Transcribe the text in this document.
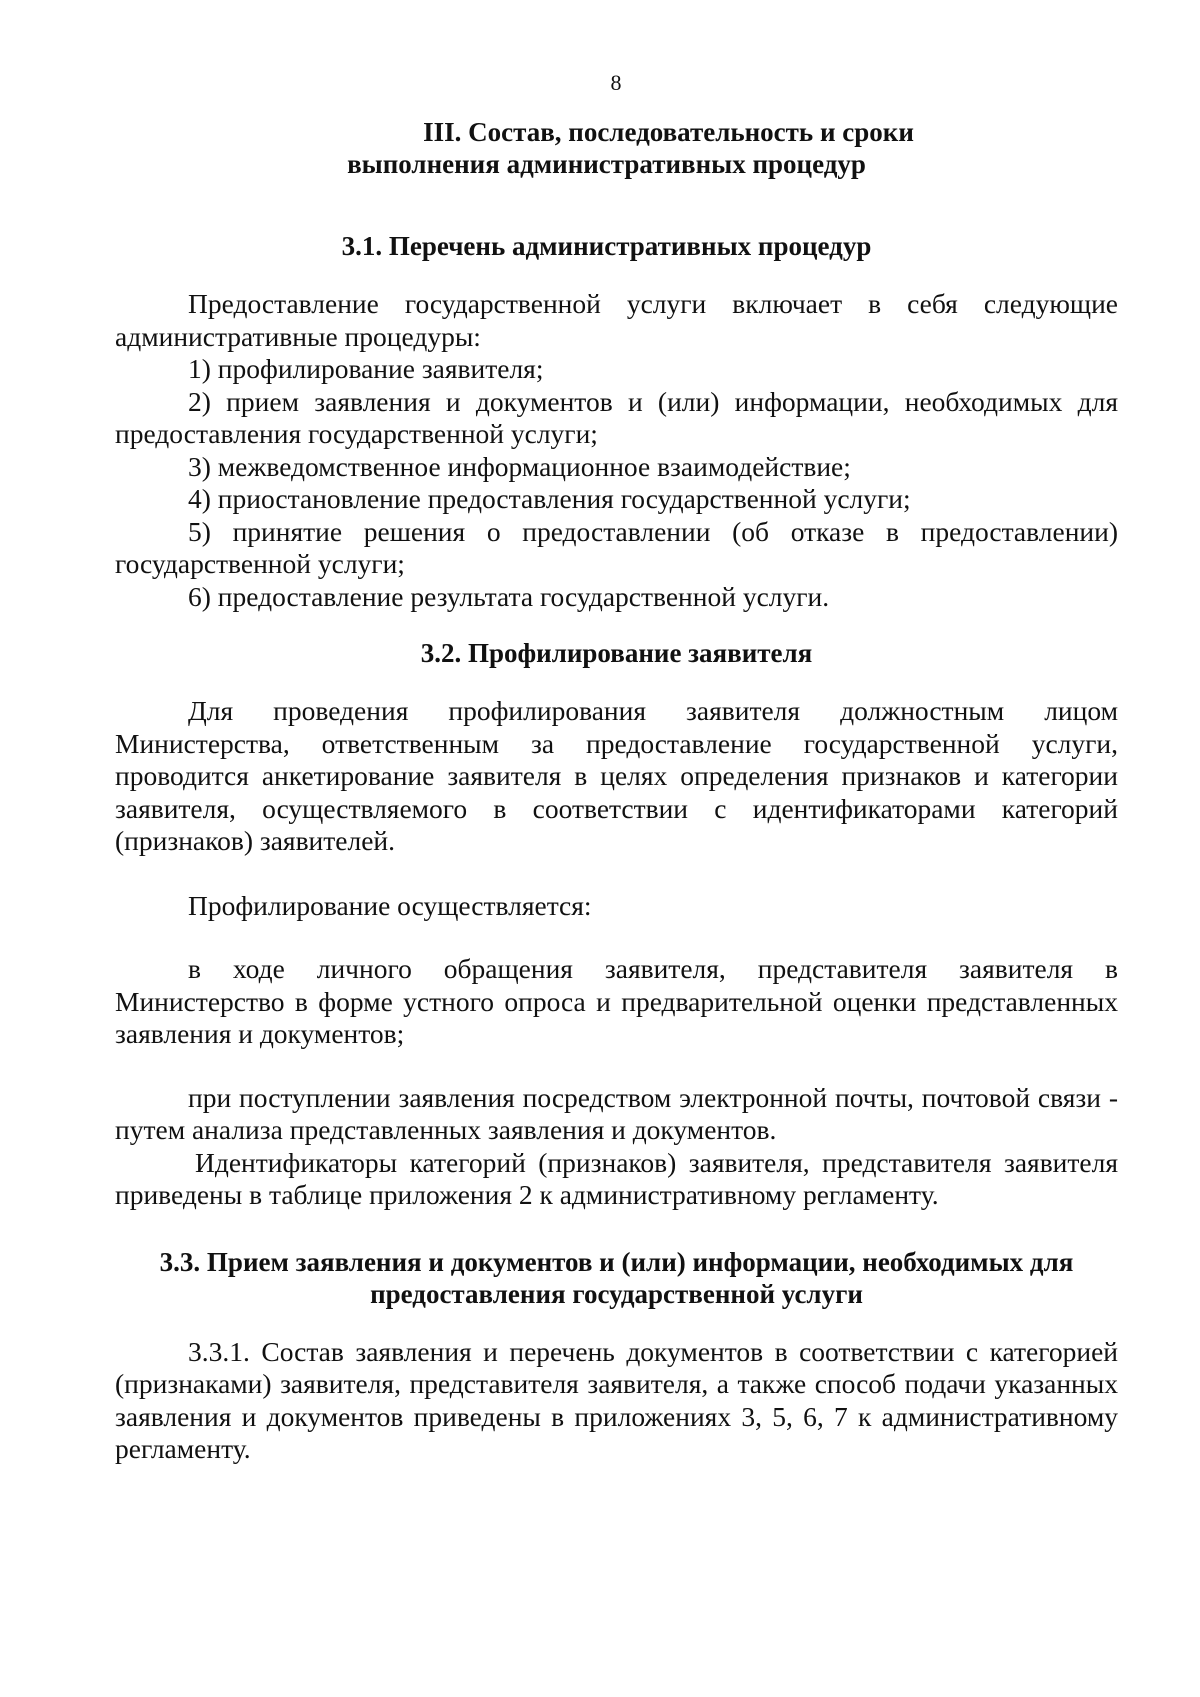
8
III. Состав, последовательность и сроки
выполнения административных процедур
3.1. Перечень административных процедур

Предоставление государственной услуги включает в себя следующие административные процедуры:

1) профилирование заявителя;

2) прием заявления и документов и (или) информации, необходимых для предоставления государственной услуги;

3) межведомственное информационное взаимодействие;

4) приостановление предоставления государственной услуги;

5) принятие решения о предоставлении (об отказе в предоставлении) государственной услуги;

6) предоставление результата государственной услуги.

3.2. Профилирование заявителя

Для проведения профилирования заявителя должностным лицом Министерства, ответственным за предоставление государственной услуги, проводится анкетирование заявителя в целях определения признаков и категории заявителя, осуществляемого в соответствии с идентификаторами категорий (признаков) заявителей.

Профилирование осуществляется:

в ходе личного обращения заявителя, представителя заявителя в Министерство в форме устного опроса и предварительной оценки представленных заявления и документов;

при поступлении заявления посредством электронной почты, почтовой связи - путем анализа представленных заявления и документов.

Идентификаторы категорий (признаков) заявителя, представителя заявителя приведены в таблице приложения 2 к административному регламенту.

3.3. Прием заявления и документов и (или) информации, необходимых для
предоставления государственной услуги

3.3.1. Состав заявления и перечень документов в соответствии с категорией (признаками) заявителя, представителя заявителя, а также способ подачи указанных заявления и документов приведены в приложениях 3, 5, 6, 7 к административному регламенту.
